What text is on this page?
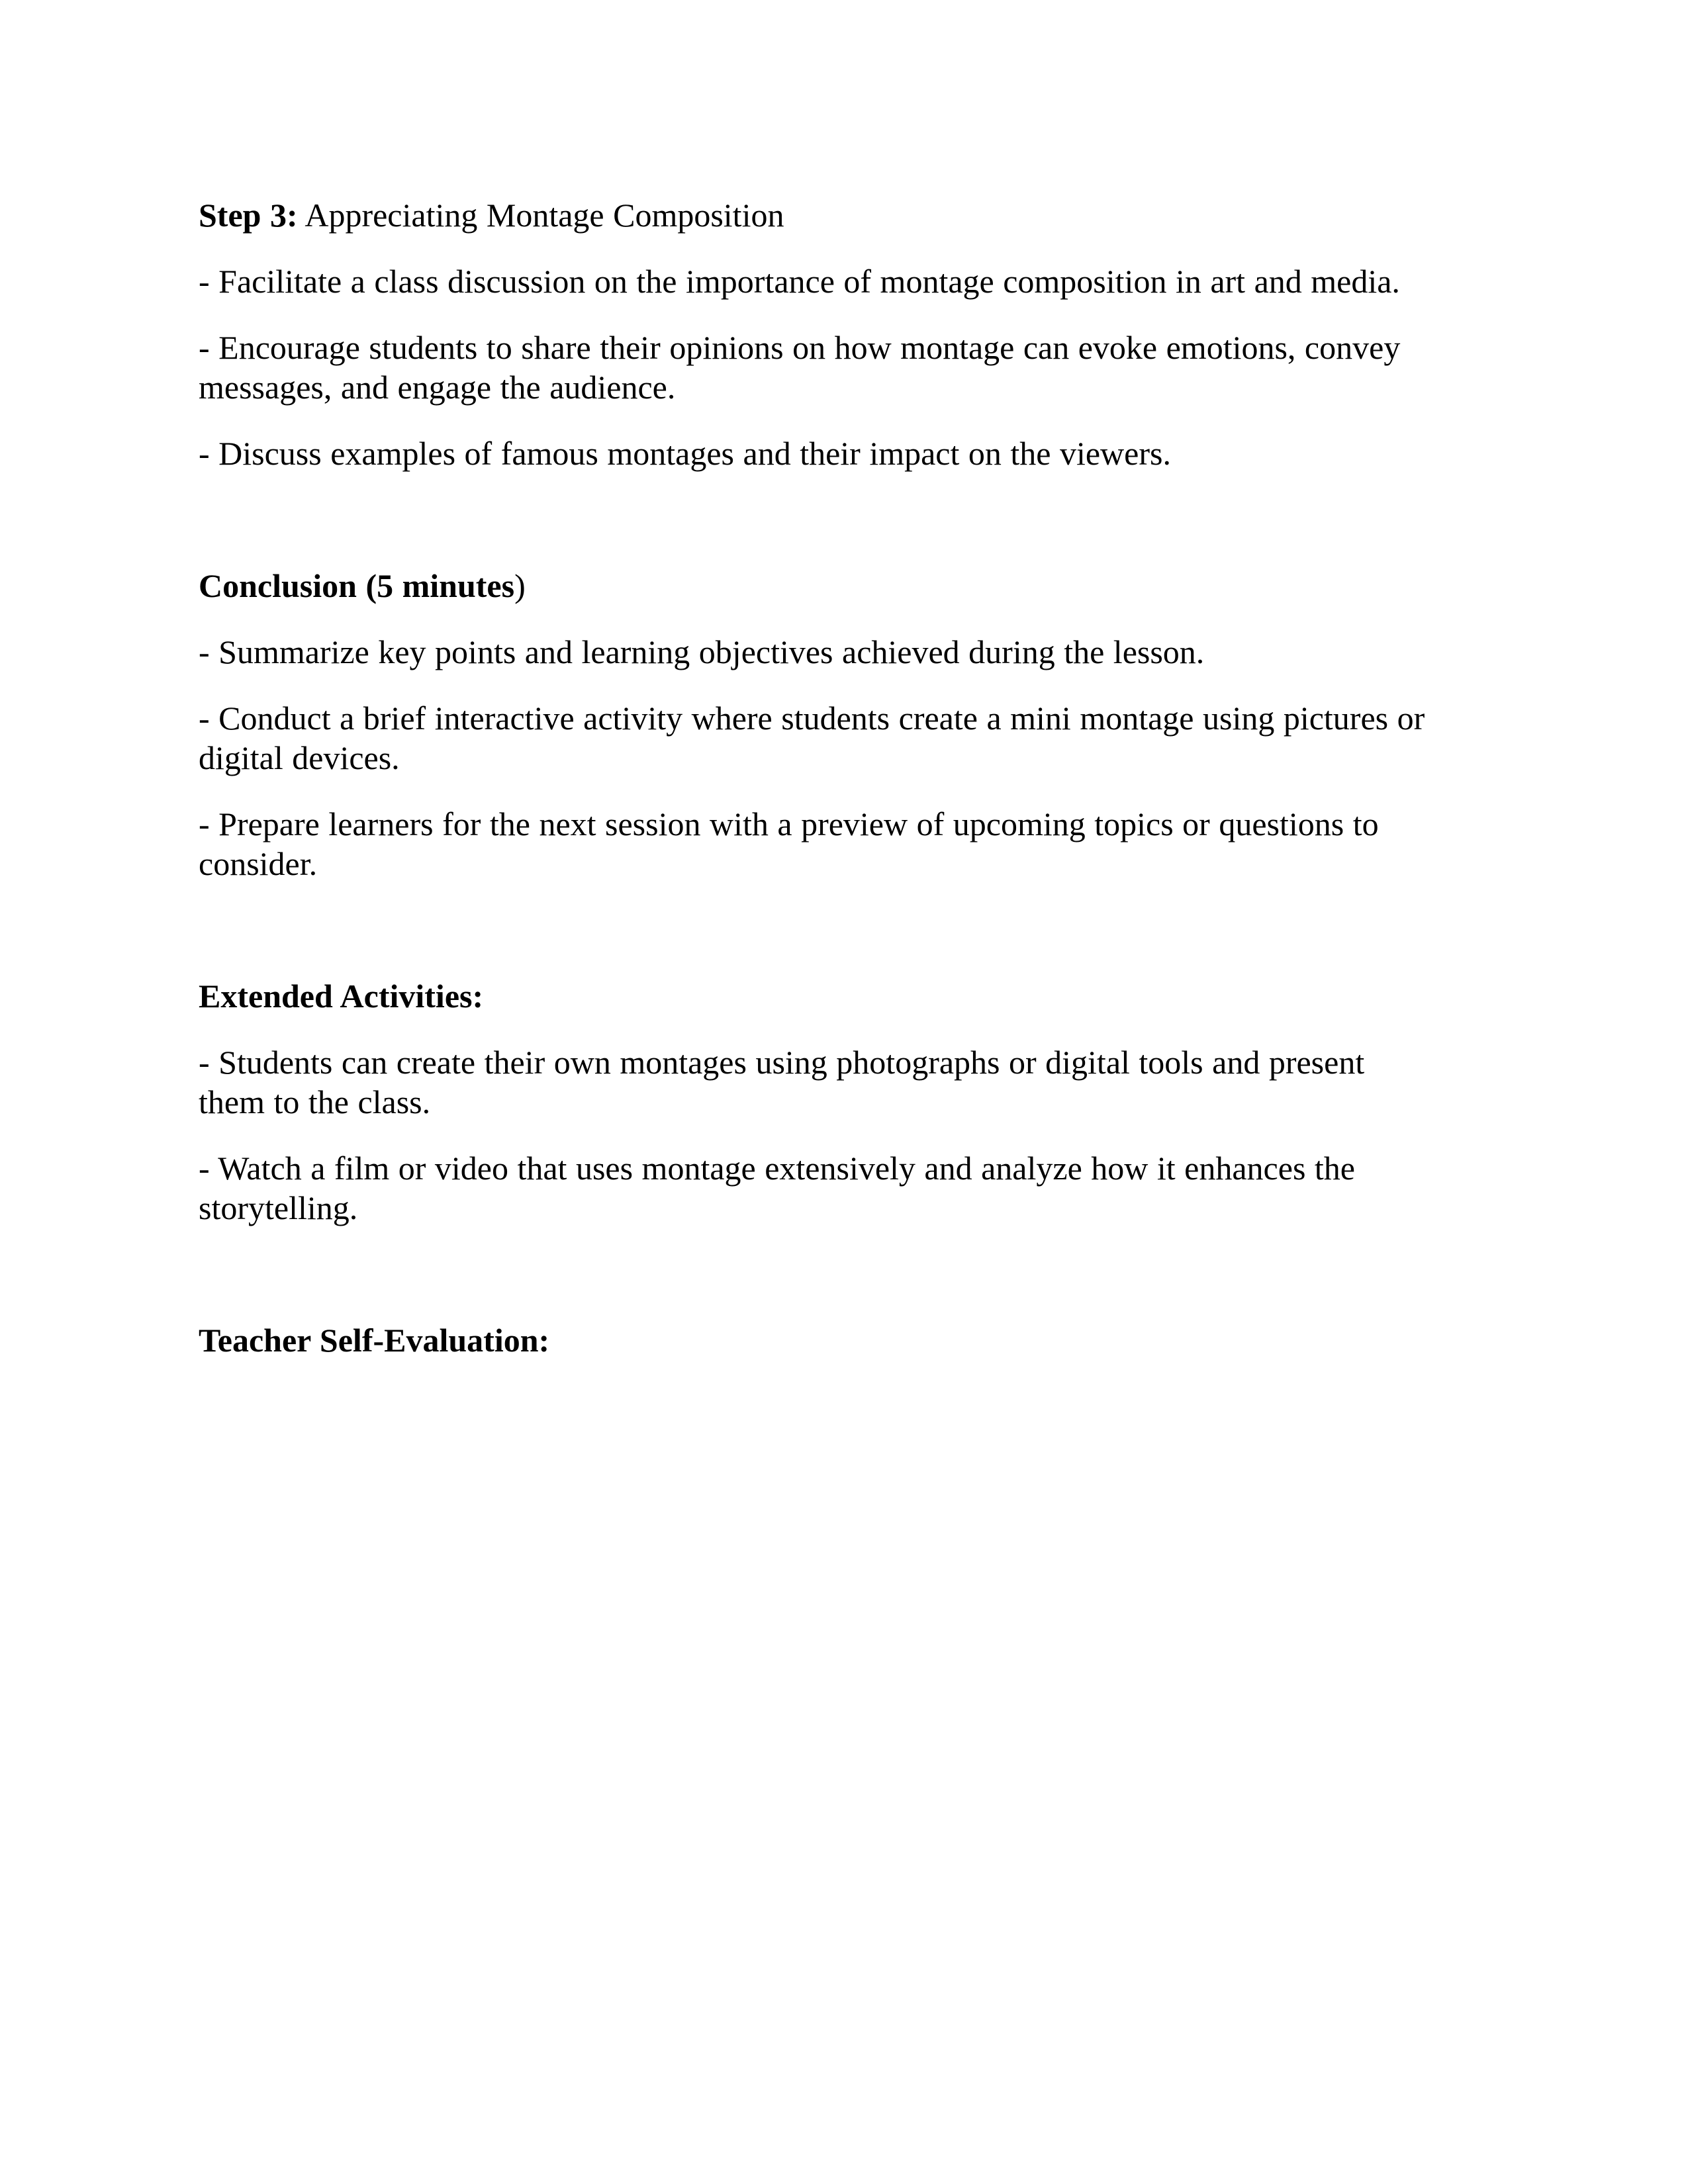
Step 3: Appreciating Montage Composition

- Facilitate a class discussion on the importance of montage composition in art and media.

- Encourage students to share their opinions on how montage can evoke emotions, convey messages, and engage the audience.

- Discuss examples of famous montages and their impact on the viewers.

Conclusion (5 minutes)

- Summarize key points and learning objectives achieved during the lesson.

- Conduct a brief interactive activity where students create a mini montage using pictures or digital devices.

- Prepare learners for the next session with a preview of upcoming topics or questions to consider.

Extended Activities:

- Students can create their own montages using photographs or digital tools and present them to the class.

- Watch a film or video that uses montage extensively and analyze how it enhances the storytelling.

Teacher Self-Evaluation:
